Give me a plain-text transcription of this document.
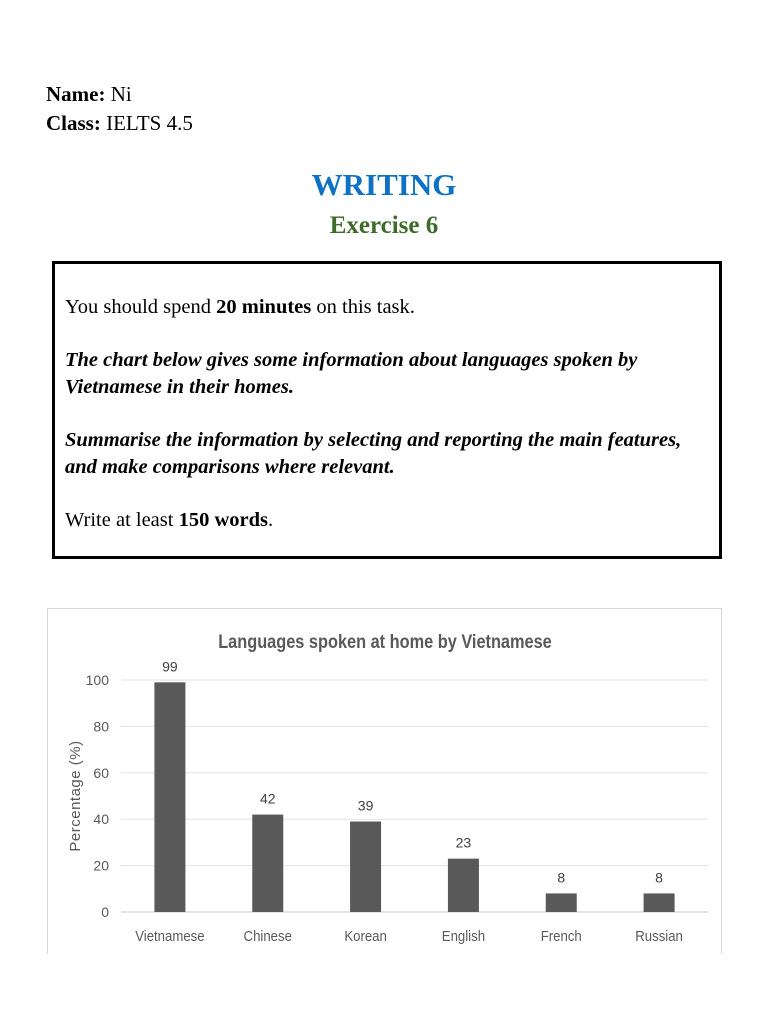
Name: Ni
Class: IELTS 4.5
WRITING
Exercise 6

You should spend 20 minutes on this task.

The chart below gives some information about languages spoken by Vietnamese in their homes.

Summarise the information by selecting and reporting the main features, and make comparisons where relevant.

Write at least 150 words.

Languages spoken at home by Vietnamese
0
20
40
60
80
100
Percentage (%)
99
Vietnamese
42
Chinese
39
Korean
23
English
8
French
8
Russian
